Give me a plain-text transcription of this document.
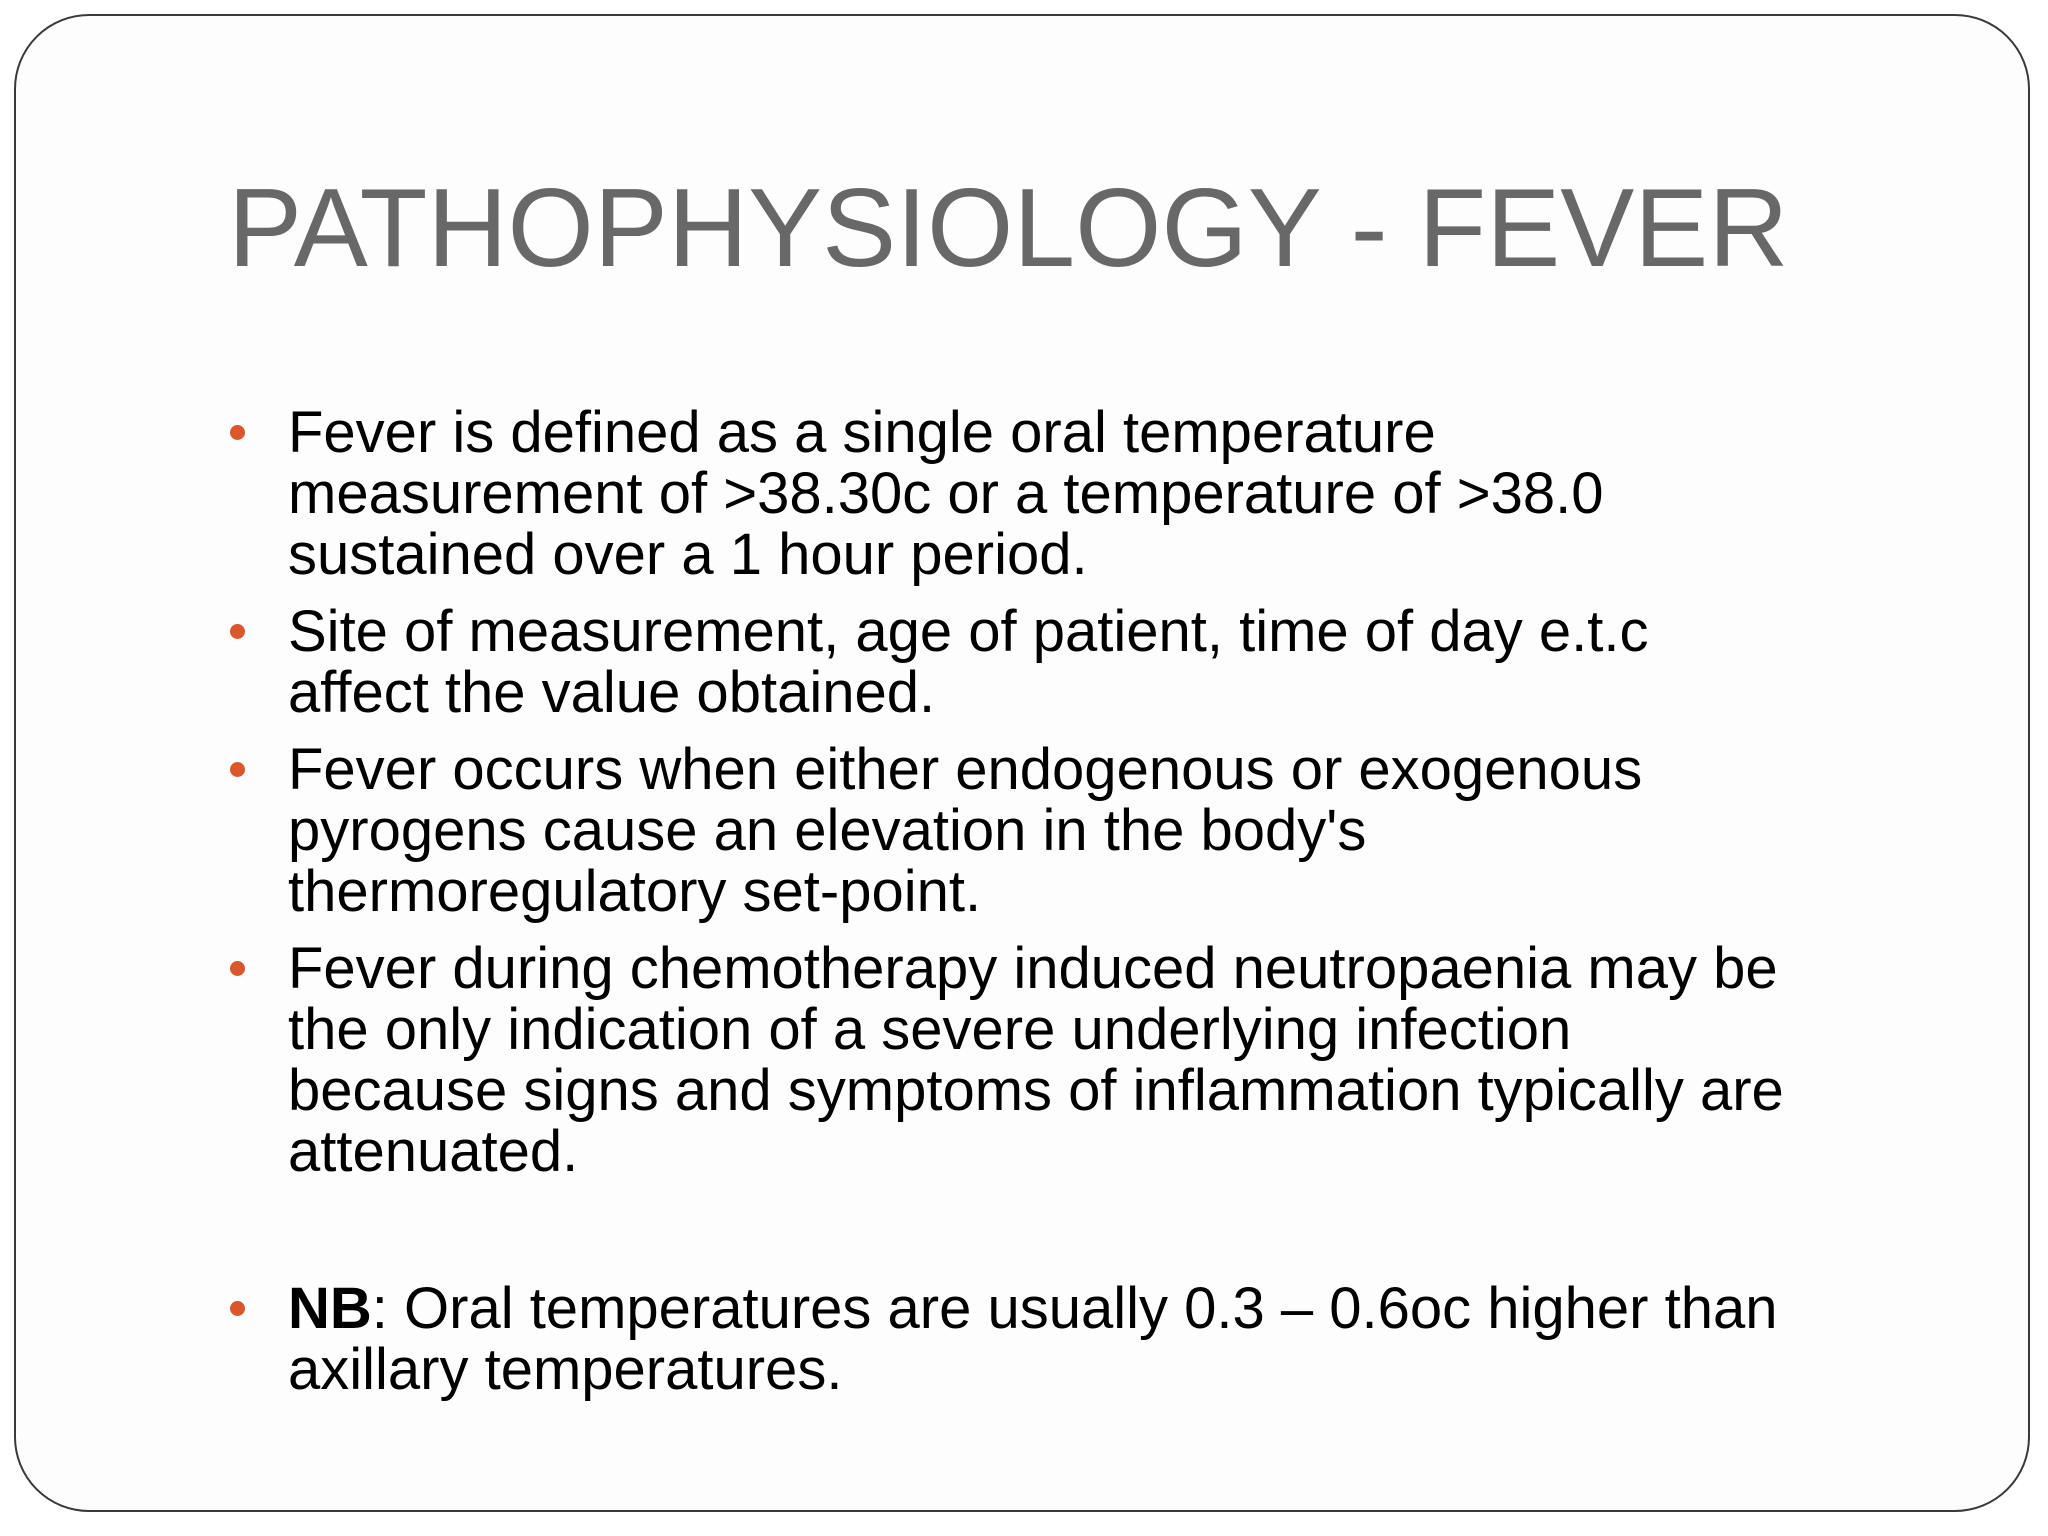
PATHOPHYSIOLOGY - FEVER
Fever is defined as a single oral temperature
measurement of >38.30c or a temperature of >38.0
sustained over a 1 hour period.
Site of measurement, age of patient, time of day e.t.c
affect the value obtained.
Fever occurs when either endogenous or exogenous
pyrogens cause an elevation in the body's
thermoregulatory set-point.
Fever during chemotherapy induced neutropaenia may be
the only indication of a severe underlying infection
because signs and symptoms of inflammation typically are
attenuated.
NB: Oral temperatures are usually 0.3 – 0.6oc higher than
axillary temperatures.
